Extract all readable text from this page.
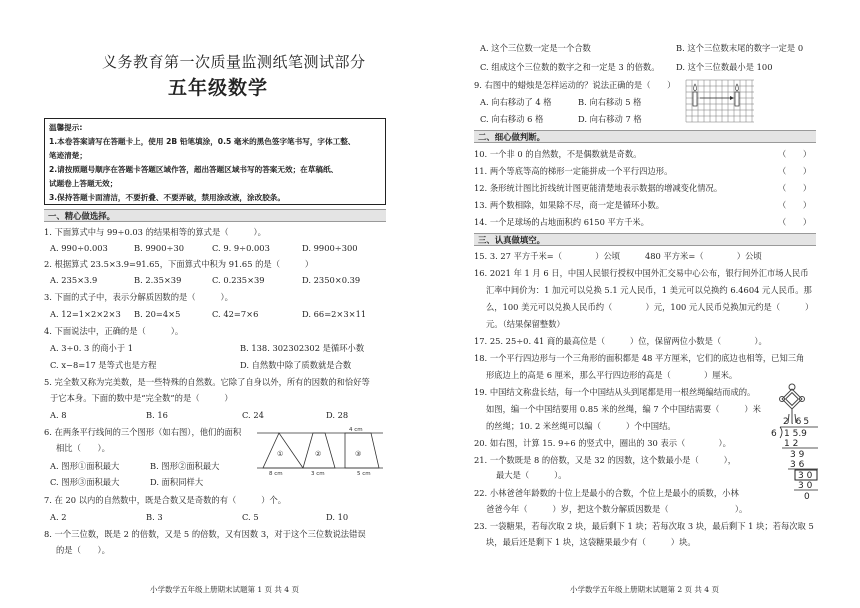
义务教育第一次质量监测纸笔测试部分
五年级数学
温馨提示:
1.本卷答案请写在答题卡上，使用 2B 铅笔填涂，0.5 毫米的黑色签字笔书写，字体工整、
笔迹清楚；
2.请按照题号顺序在答题卡答题区域作答，超出答题区域书写的答案无效；在草稿纸、
试题卷上答题无效；
3.保持答题卡面清洁，不要折叠、不要弄破，禁用涂改液，涂改胶条。
一、精心做选择。
1. 下面算式中与 99÷0.03 的结果相等的算式是（　　　）。
A. 990÷0.003	B. 9900÷30	C. 9. 9÷0.003	D. 9900÷300
2. 根据算式 23.5×3.9=91.65，下面算式中积为 91.65 的是（　　　）
A. 235×3.9	B. 2.35×39	C. 0.235×39	D. 2350×0.39
3. 下面的式子中，表示分解质因数的是（　　　）。
A. 12=1×2×2×3 B. 20=4×5	C. 42=7×6	D. 66=2×3×11
4. 下面说法中，正确的是（　　　）。
A. 3÷0. 3 的商小于 1	B. 138. 302302302 是循环小数
C. x−8=17 是等式也是方程	D. 自然数中除了质数就是合数
5. 完全数又称为完美数，是一些特殊的自然数。它除了自身以外，所有的因数的和恰好等
于它本身。下面的数中是“完全数”的是（　　　）
A. 8	B. 16	C. 24	D. 28
6. 在两条平行线间的三个图形（如右图），他们的面积
相比（　　）。
A. 图形①面积最大	B. 图形②面积最大
C. 图形③面积最大	D. 面积同样大
4 cm
①	②	③
8 cm	3 cm	5 cm
7. 在 20 以内的自然数中，既是合数又是奇数的有（　　　）个。
A. 2	B. 3	C. 5	D. 10
8. 一个三位数，既是 2 的倍数，又是 5 的倍数，又有因数 3，对于这个三位数说法错误
的是（　　）。
小学数学五年级上册期末试题第 1 页 共 4 页
A. 这个三位数一定是一个合数	B. 这个三位数末尾的数字一定是 0
C. 组成这个三位数的数字之和一定是 3 的倍数。 D. 这个三位数最小是 100
9. 右图中的蜡烛是怎样运动的？说法正确的是（　　）
A. 向右移动了 4 格	B. 向右移动 5 格
C. 向右移动 6 格	D. 向右移动 7 格
二、细心做判断。
10. 一个非 0 的自然数，不是偶数就是奇数。	（　　）
11. 两个等底等高的梯形一定能拼成一个平行四边形。	（　　）
12. 条形统计图比折线统计图更能清楚地表示数据的增减变化情况。	（　　）
13. 两个数相除，如果除不尽，商一定是循环小数。	（　　）
14. 一个足球场的占地面积约 6150 平方千米。	（　　）
三、认真做填空。
15. 3. 27 平方千米=（　　　　）公顷　　　480 平方米=（　　　　）公顷
16. 2021 年 1 月 6 日，中国人民银行授权中国外汇交易中心公布，银行间外汇市场人民币
汇率中间价为：1 加元可以兑换 5.1 元人民币，1 美元可以兑换约 6.4604 元人民币。那
么，100 美元可以兑换人民币约（　　　　）元，100 元人民币兑换加元约是（　　　）
元。（结果保留整数）
17. 25. 25÷0. 41 商的最高位是（　　　）位，保留两位小数是（　　　　）。
18. 一个平行四边形与一个三角形的面积都是 48 平方厘米，它们的底边也相等，已知三角
形底边上的高是 6 厘米，那么平行四边形的高是（　　　　）厘米。
19. 中国结文称盘长结，每一个中国结从头到尾都是用一根丝绳编结而成的。
如图，编一个中国结要用 0.85 米的丝绳，编 7 个中国结需要（　　　）米
的丝绳；10. 2 米丝绳可以编（　　　）个中国结。
20. 如右图，计算 15. 9÷6 的竖式中，圈出的 30 表示（　　　　）。
2.65
6 1 5.9
1 2
3 9
3 6
3 0
3 0
0
21. 一个数既是 8 的倍数，又是 32 的因数，这个数最小是（　　　），
最大是（　　　）。
22. 小林爸爸年龄数的十位上是最小的合数，个位上是最小的质数，小林
爸爸今年（　　　）岁，把这个数分解质因数是（　　　　　　　　）。
23. 一袋糖果，若每次取 2 块，最后剩下 1 块；若每次取 3 块，最后剩下 1 块；若每次取 5
块，最后还是剩下 1 块，这袋糖果最少有（　　　）块。
小学数学五年级上册期末试题第 2 页 共 4 页
